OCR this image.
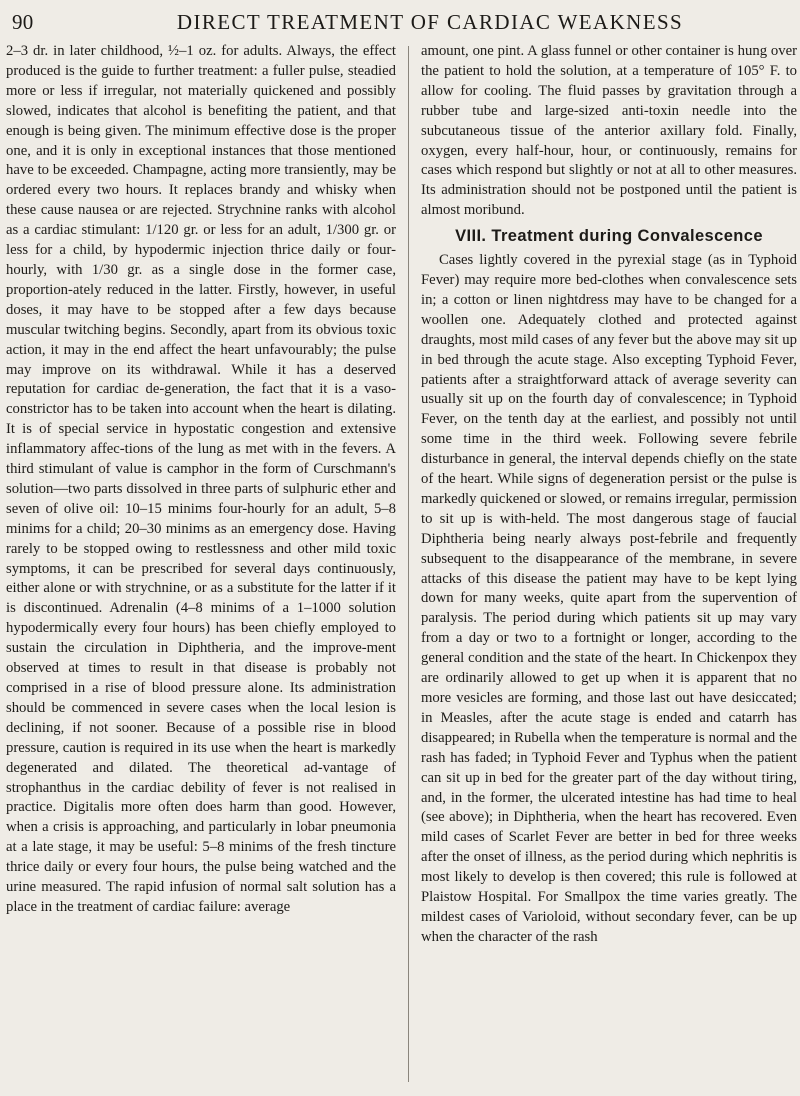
90	DIRECT TREATMENT OF CARDIAC WEAKNESS

2–3 dr. in later childhood, ½–1 oz. for adults. Always, the effect produced is the guide to further treatment: a fuller pulse, steadied more or less if irregular, not materially quickened and possibly slowed, indicates that alcohol is benefiting the patient, and that enough is being given. The minimum effective dose is the proper one, and it is only in exceptional instances that those mentioned have to be exceeded. Champagne, acting more transiently, may be ordered every two hours. It replaces brandy and whisky when these cause nausea or are rejected. Strychnine ranks with alcohol as a cardiac stimulant: 1/120 gr. or less for an adult, 1/300 gr. or less for a child, by hypodermic injection thrice daily or four-hourly, with 1/30 gr. as a single dose in the former case, proportion-ately reduced in the latter. Firstly, however, in useful doses, it may have to be stopped after a few days because muscular twitching begins. Secondly, apart from its obvious toxic action, it may in the end affect the heart unfavourably; the pulse may improve on its withdrawal. While it has a deserved reputation for cardiac de-generation, the fact that it is a vaso-constrictor has to be taken into account when the heart is dilating. It is of special service in hypostatic congestion and extensive inflammatory affec-tions of the lung as met with in the fevers. A third stimulant of value is camphor in the form of Curschmann's solution—two parts dissolved in three parts of sulphuric ether and seven of olive oil: 10–15 minims four-hourly for an adult, 5–8 minims for a child; 20–30 minims as an emergency dose. Having rarely to be stopped owing to restlessness and other mild toxic symptoms, it can be prescribed for several days continuously, either alone or with strychnine, or as a substitute for the latter if it is discontinued. Adrenalin (4–8 minims of a 1–1000 solution hypodermically every four hours) has been chiefly employed to sustain the circulation in Diphtheria, and the improve-ment observed at times to result in that disease is probably not comprised in a rise of blood pressure alone. Its administration should be commenced in severe cases when the local lesion is declining, if not sooner. Because of a possible rise in blood pressure, caution is required in its use when the heart is markedly degenerated and dilated. The theoretical ad-vantage of strophanthus in the cardiac debility of fever is not realised in practice. Digitalis more often does harm than good. However, when a crisis is approaching, and particularly in lobar pneumonia at a late stage, it may be useful: 5–8 minims of the fresh tincture thrice daily or every four hours, the pulse being watched and the urine measured. The rapid infusion of normal salt solution has a place in the treatment of cardiac failure: average

amount, one pint. A glass funnel or other container is hung over the patient to hold the solution, at a temperature of 105° F. to allow for cooling. The fluid passes by gravitation through a rubber tube and large-sized anti-toxin needle into the subcutaneous tissue of the anterior axillary fold. Finally, oxygen, every half-hour, hour, or continuously, remains for cases which respond but slightly or not at all to other measures. Its administration should not be postponed until the patient is almost moribund.

VIII. Treatment during Convalescence

Cases lightly covered in the pyrexial stage (as in Typhoid Fever) may require more bed-clothes when convalescence sets in; a cotton or linen nightdress may have to be changed for a woollen one. Adequately clothed and protected against draughts, most mild cases of any fever but the above may sit up in bed through the acute stage. Also excepting Typhoid Fever, patients after a straightforward attack of average severity can usually sit up on the fourth day of convalescence; in Typhoid Fever, on the tenth day at the earliest, and possibly not until some time in the third week. Following severe febrile disturbance in general, the interval depends chiefly on the state of the heart. While signs of degeneration persist or the pulse is markedly quickened or slowed, or remains irregular, permission to sit up is with-held. The most dangerous stage of faucial Diphtheria being nearly always post-febrile and frequently subsequent to the disappearance of the membrane, in severe attacks of this disease the patient may have to be kept lying down for many weeks, quite apart from the supervention of paralysis. The period during which patients sit up may vary from a day or two to a fortnight or longer, according to the general condition and the state of the heart. In Chickenpox they are ordinarily allowed to get up when it is apparent that no more vesicles are forming, and those last out have desiccated; in Measles, after the acute stage is ended and catarrh has disappeared; in Rubella when the temperature is normal and the rash has faded; in Typhoid Fever and Typhus when the patient can sit up in bed for the greater part of the day without tiring, and, in the former, the ulcerated intestine has had time to heal (see above); in Diphtheria, when the heart has recovered. Even mild cases of Scarlet Fever are better in bed for three weeks after the onset of illness, as the period during which nephritis is most likely to develop is then covered; this rule is followed at Plaistow Hospital. For Smallpox the time varies greatly. The mildest cases of Varioloid, without secondary fever, can be up when the character of the rash
